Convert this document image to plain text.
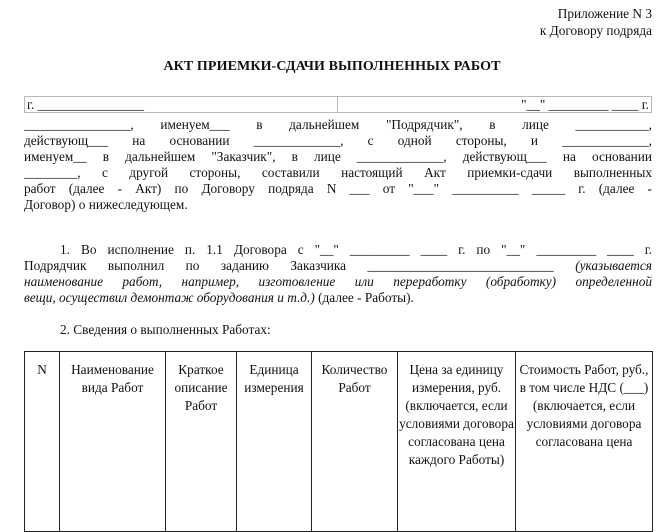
Приложение N 3
к Договору подряда
АКТ ПРИЕМКИ-СДАЧИ ВЫПОЛНЕННЫХ РАБОТ
г. ________________	"__" _________ ____ г.
________________, именуем___ в дальнейшем "Подрядчик", в лице ___________,
действующ___ на основании _____________, с одной стороны, и _____________,
именуем__ в дальнейшем "Заказчик", в лице _____________, действующ___ на основании
________, с другой стороны, составили настоящий Акт приемки-сдачи выполненных
работ (далее - Акт) по Договору подряда N ___ от "___" __________ _____ г. (далее -
Договор) о нижеследующем.
1. Во исполнение п. 1.1 Договора с "__" _________ ____ г. по "__" _________ ____ г.
Подрядчик выполнил по заданию Заказчика ____________________________ (указывается
наименование работ, например, изготовление или переработку (обработку) определенной
вещи, осуществил демонтаж оборудования и т.д.) (далее - Работы).
2. Сведения о выполненных Работах:
N	Наименование вида Работ	Краткое описание Работ	Единица измерения	Количество Работ	Цена за единицу измерения, руб. (включается, если условиями договора согласована цена каждого Работы)	Стоимость Работ, руб., в том числе НДС (___) (включается, если условиями договора согласована цена
